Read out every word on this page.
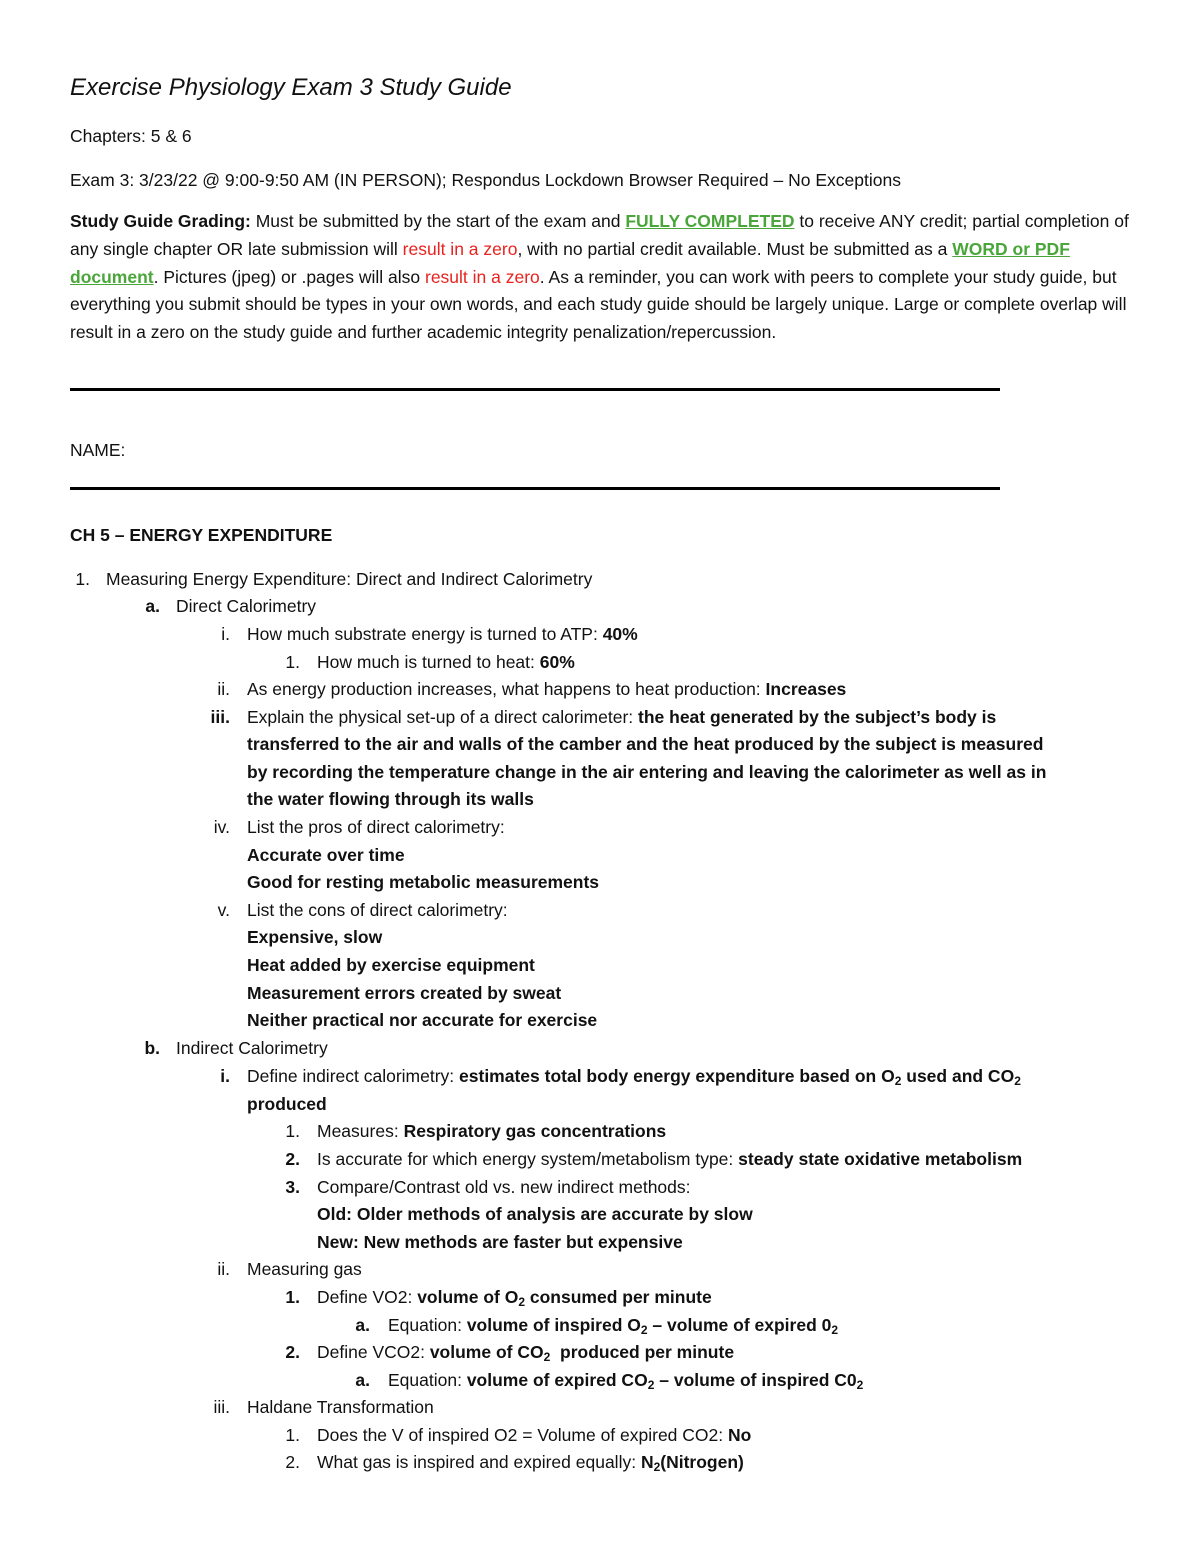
Exercise Physiology Exam 3 Study Guide
Chapters: 5 & 6
Exam 3: 3/23/22 @ 9:00-9:50 AM (IN PERSON); Respondus Lockdown Browser Required – No Exceptions
Study Guide Grading: Must be submitted by the start of the exam and FULLY COMPLETED to receive ANY credit; partial completion of any single chapter OR late submission will result in a zero, with no partial credit available. Must be submitted as a WORD or PDF document. Pictures (jpeg) or .pages will also result in a zero. As a reminder, you can work with peers to complete your study guide, but everything you submit should be types in your own words, and each study guide should be largely unique. Large or complete overlap will result in a zero on the study guide and further academic integrity penalization/repercussion.
NAME:
CH 5 – ENERGY EXPENDITURE
1. Measuring Energy Expenditure: Direct and Indirect Calorimetry
a. Direct Calorimetry
i. How much substrate energy is turned to ATP: 40%
1. How much is turned to heat: 60%
ii. As energy production increases, what happens to heat production: Increases
iii. Explain the physical set-up of a direct calorimeter: the heat generated by the subject’s body is
transferred to the air and walls of the camber and the heat produced by the subject is measured
by recording the temperature change in the air entering and leaving the calorimeter as well as in
the water flowing through its walls
iv. List the pros of direct calorimetry:
Accurate over time
Good for resting metabolic measurements
v. List the cons of direct calorimetry:
Expensive, slow
Heat added by exercise equipment
Measurement errors created by sweat
Neither practical nor accurate for exercise
b. Indirect Calorimetry
i. Define indirect calorimetry: estimates total body energy expenditure based on $O_2$ used and $CO_2$
produced
1. Measures: Respiratory gas concentrations
2. Is accurate for which energy system/metabolism type: steady state oxidative metabolism
3. Compare/Contrast old vs. new indirect methods:
Old: Older methods of analysis are accurate by slow
New: New methods are faster but expensive
ii. Measuring gas
1. Define VO2: volume of $O_2$ consumed per minute
a. Equation: volume of inspired $O_2$ – volume of expired $0_2$
2. Define VCO2: volume of $CO_2$  produced per minute
a. Equation: volume of expired $CO_2$ – volume of inspired $C0_2$
iii. Haldane Transformation
1. Does the V of inspired O2 = Volume of expired CO2: No
2. What gas is inspired and expired equally: $N_2(Nitrogen)$
